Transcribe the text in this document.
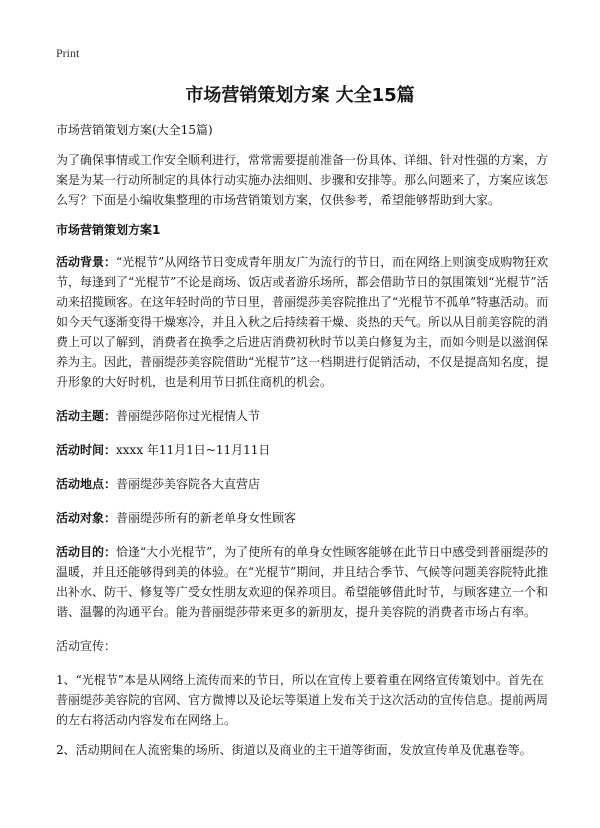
Print
市场营销策划方案 大全15篇

市场营销策划方案(大全15篇)

为了确保事情或工作安全顺利进行，常常需要提前准备一份具体、详细、针对性强的方案，方案是为某一行动所制定的具体行动实施办法细则、步骤和安排等。那么问题来了，方案应该怎么写？下面是小编收集整理的市场营销策划方案，仅供参考，希望能够帮助到大家。

市场营销策划方案1

活动背景：“光棍节”从网络节日变成青年朋友广为流行的节日，而在网络上则演变成购物狂欢节，每逢到了“光棍节”不论是商场、饭店或者游乐场所，都会借助节日的氛围策划“光棍节”活动来招揽顾客。在这年轻时尚的节日里，普丽缇莎美容院推出了“光棍节不孤单”特惠活动。而如今天气逐渐变得干燥寒冷，并且入秋之后持续着干燥、炎热的天气。所以从目前美容院的消费上可以了解到，消费者在换季之后进店消费初秋时节以美白修复为主，而如今则是以滋润保养为主。因此，普丽缇莎美容院借助“光棍节”这一档期进行促销活动，不仅是提高知名度，提升形象的大好时机，也是利用节日抓住商机的机会。

活动主题：普丽缇莎陪你过光棍情人节

活动时间：xxxx 年11月1日~11月11日

活动地点：普丽缇莎美容院各大直营店

活动对象：普丽缇莎所有的新老单身女性顾客

活动目的：恰逢“大小光棍节”，为了使所有的单身女性顾客能够在此节日中感受到普丽缇莎的温暖，并且还能够得到美的体验。在“光棍节”期间，并且结合季节、气候等问题美容院特此推出补水、防干、修复等广受女性朋友欢迎的保养项目。希望能够借此时节，与顾客建立一个和谐、温馨的沟通平台。能为普丽缇莎带来更多的新朋友，提升美容院的消费者市场占有率。

活动宣传：

1、“光棍节”本是从网络上流传而来的节日，所以在宣传上要着重在网络宣传策划中。首先在普丽缇莎美容院的官网、官方微博以及论坛等渠道上发布关于这次活动的宣传信息。提前两周的左右将活动内容发布在网络上。

2、活动期间在人流密集的场所、街道以及商业的主干道等街面，发放宣传单及优惠卷等。
